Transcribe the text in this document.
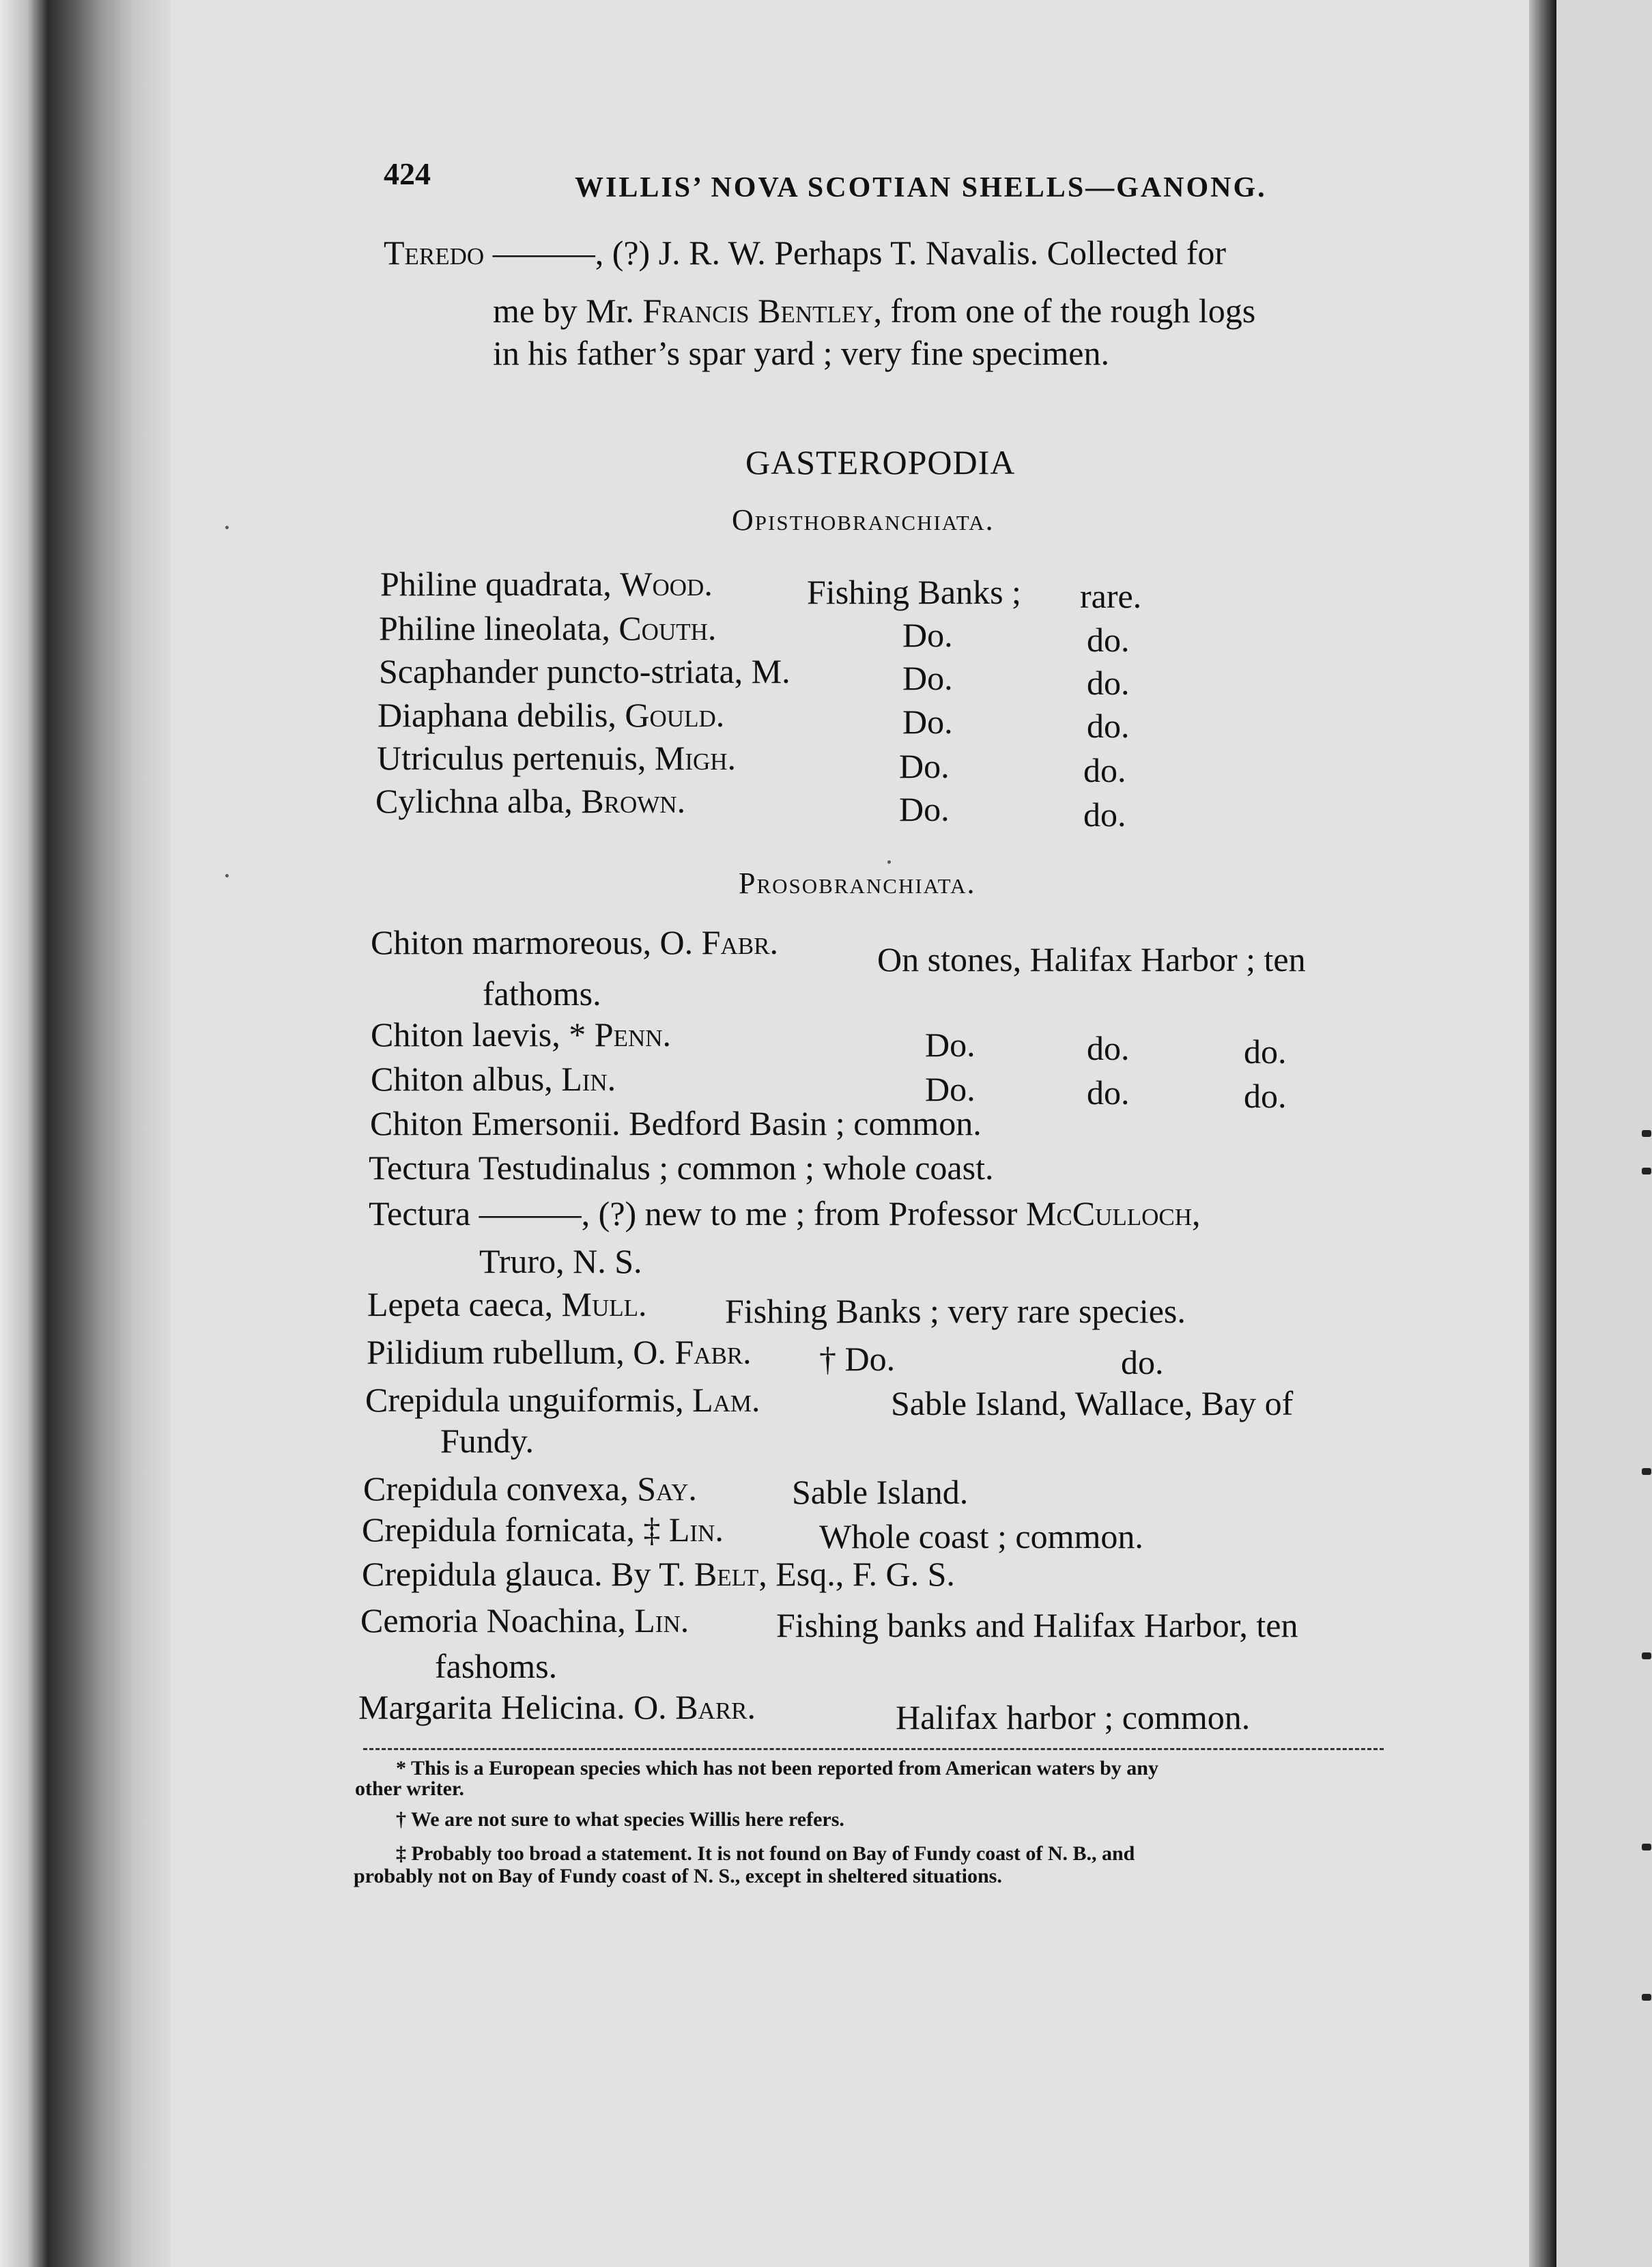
424	WILLIS’ NOVA SCOTIAN SHELLS—GANONG.
Teredo ———, (?) J. R. W. Perhaps T. Navalis. Collected for
me by Mr. Francis Bentley, from one of the rough logs
in his father’s spar yard ; very fine specimen.
GASTEROPODIA
Opisthobranchiata.
Philine quadrata, Wood.	Fishing Banks ; rare.
Philine lineolata, Couth.	Do.	do.
Scaphander puncto-striata, M.	Do.	do.
Diaphana debilis, Gould.	Do.	do.
Utriculus pertenuis, Migh.	Do.	do.
Cylichna alba, Brown.	Do.	do.
Prosobranchiata.
Chiton marmoreous, O. Fabr.	On stones, Halifax Harbor ; ten
fathoms.
Chiton laevis, * Penn.	Do.	do.	do.
Chiton albus, Lin.	Do.	do.	do.
Chiton Emersonii. Bedford Basin ; common.
Tectura Testudinalus ; common ; whole coast.
Tectura ———, (?) new to me ; from Professor McCulloch,
Truro, N. S.
Lepeta caeca, Mull. Fishing Banks ; very rare species.
Pilidium rubellum, O. Fabr. † Do.	do.
Crepidula unguiformis, Lam.	Sable Island, Wallace, Bay of
Fundy.
Crepidula convexa, Say.	Sable Island.
Crepidula fornicata, ‡ Lin.	Whole coast ; common.
Crepidula glauca. By T. Belt, Esq., F. G. S.
Cemoria Noachina, Lin.	Fishing banks and Halifax Harbor, ten
fashoms.
Margarita Helicina. O. Barr.	Halifax harbor ; common.
* This is a European species which has not been reported from American waters by any
other writer.
† We are not sure to what species Willis here refers.
‡ Probably too broad a statement. It is not found on Bay of Fundy coast of N. B., and
probably not on Bay of Fundy coast of N. S., except in sheltered situations.
